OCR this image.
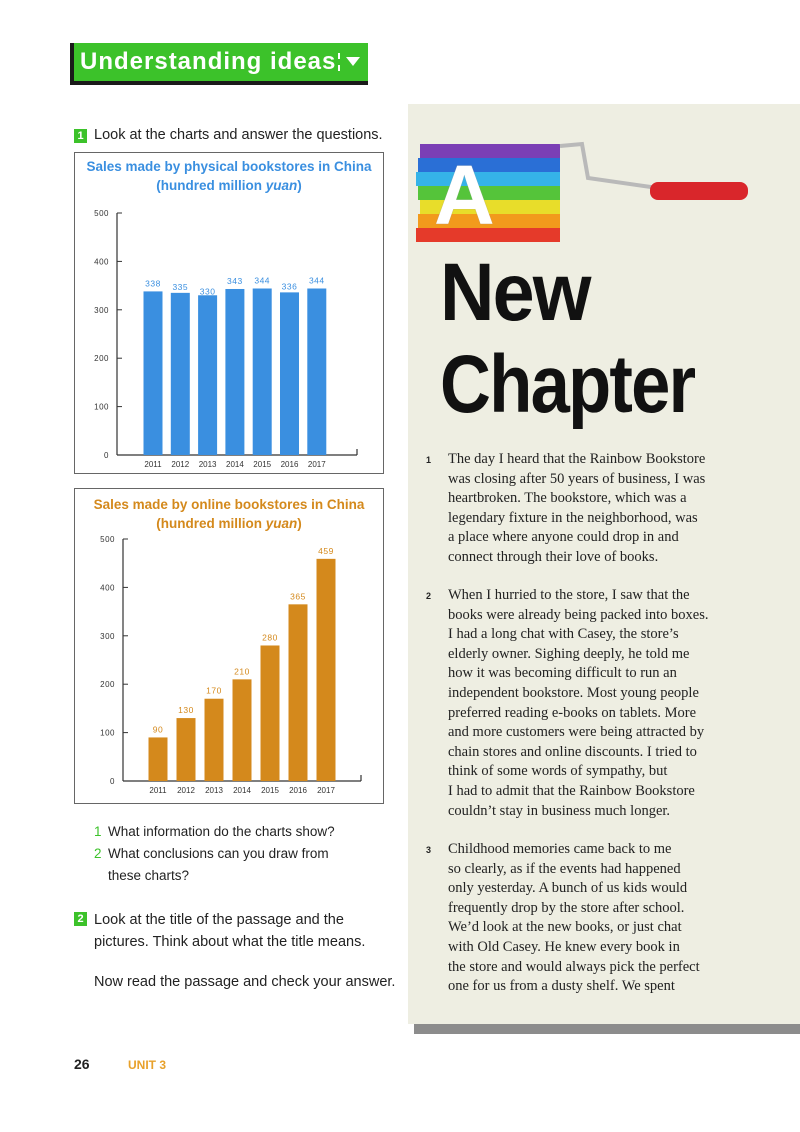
Understanding ideas
1 Look at the charts and answer the questions.
Sales made by physical bookstores in China
(hundred million yuan)
0
100
200
300
400
500
338
2011
335
2012
330
2013
343
2014
344
2015
336
2016
344
2017
Sales made by online bookstores in China
(hundred million yuan)
0
100
200
300
400
500
90
2011
130
2012
170
2013
210
2014
280
2015
365
2016
459
2017
1 What information do the charts show?
2 What conclusions can you draw from
these charts?
2 Look at the title of the passage and the
pictures. Think about what the title means.
Now read the passage and check your answer.
A
New
Chapter
1 The day I heard that the Rainbow Bookstore
was closing after 50 years of business, I was
heartbroken. The bookstore, which was a
legendary fixture in the neighborhood, was
a place where anyone could drop in and
connect through their love of books.
2 When I hurried to the store, I saw that the
books were already being packed into boxes.
I had a long chat with Casey, the store’s
elderly owner. Sighing deeply, he told me
how it was becoming difficult to run an
independent bookstore. Most young people
preferred reading e-books on tablets. More
and more customers were being attracted by
chain stores and online discounts. I tried to
think of some words of sympathy, but
I had to admit that the Rainbow Bookstore
couldn’t stay in business much longer.
3 Childhood memories came back to me
so clearly, as if the events had happened
only yesterday. A bunch of us kids would
frequently drop by the store after school.
We’d look at the new books, or just chat
with Old Casey. He knew every book in
the store and would always pick the perfect
one for us from a dusty shelf. We spent
26	UNIT 3
